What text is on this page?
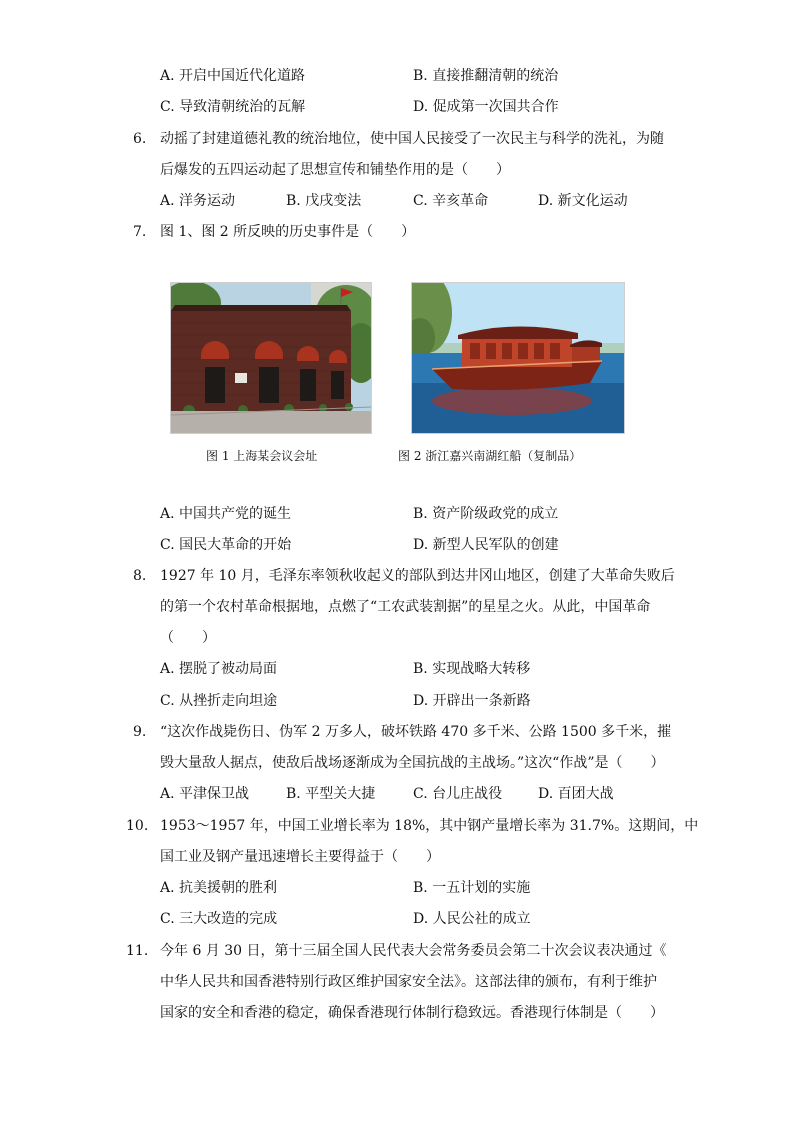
A. 开启中国近代化道路	B. 直接推翻清朝的统治
C. 导致清朝统治的瓦解	D. 促成第一次国共合作
6. 动摇了封建道德礼教的统治地位，使中国人民接受了一次民主与科学的洗礼，为随
后爆发的五四运动起了思想宣传和铺垫作用的是（　　）
A. 洋务运动	B. 戊戌变法	C. 辛亥革命	D. 新文化运动
7. 图 1、图 2 所反映的历史事件是（　　）
图 1 上海某会议会址	图 2 浙江嘉兴南湖红船（复制品）
A. 中国共产党的诞生	B. 资产阶级政党的成立
C. 国民大革命的开始	D. 新型人民军队的创建
8. 1927 年 10 月，毛泽东率领秋收起义的部队到达井冈山地区，创建了大革命失败后
的第一个农村革命根据地，点燃了“工农武装割据”的星星之火。从此，中国革命
（　　）
A. 摆脱了被动局面	B. 实现战略大转移
C. 从挫折走向坦途	D. 开辟出一条新路
9. “这次作战毙伤日、伪军 2 万多人，破坏铁路 470 多千米、公路 1500 多千米，摧
毁大量敌人据点，使敌后战场逐渐成为全国抗战的主战场。”这次“作战”是（　　）
A. 平津保卫战	B. 平型关大捷	C. 台儿庄战役	D. 百团大战
10. 1953～1957 年，中国工业增长率为 18%，其中钢产量增长率为 31.7%。这期间，中
国工业及钢产量迅速增长主要得益于（　　）
A. 抗美援朝的胜利	B. 一五计划的实施
C. 三大改造的完成	D. 人民公社的成立
11. 今年 6 月 30 日，第十三届全国人民代表大会常务委员会第二十次会议表决通过《
中华人民共和国香港特别行政区维护国家安全法》。这部法律的颁布，有利于维护
国家的安全和香港的稳定，确保香港现行体制行稳致远。香港现行体制是（　　）
